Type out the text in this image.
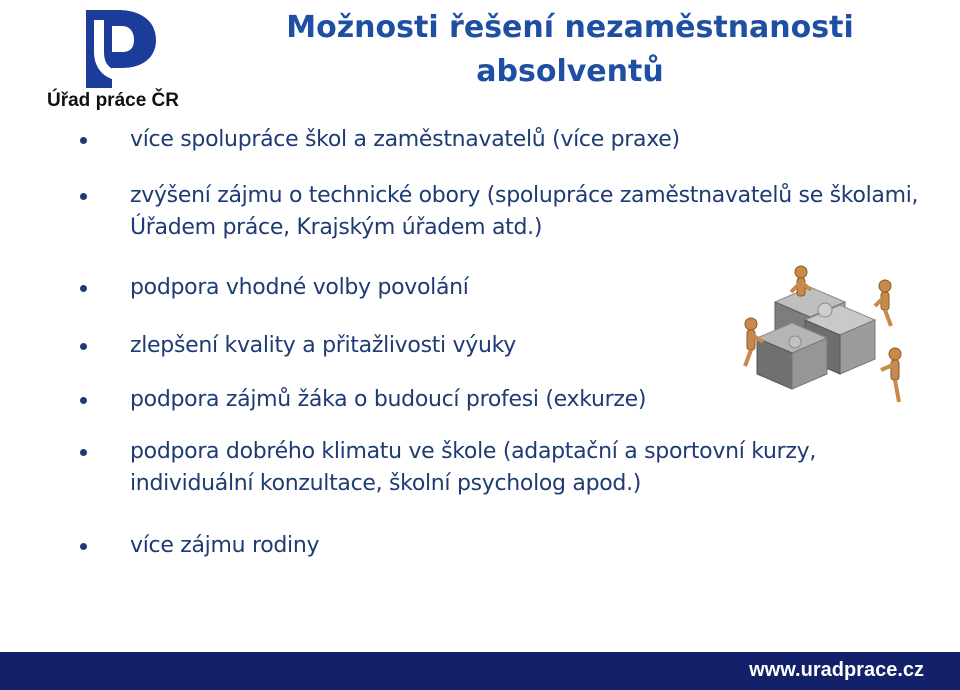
Úřad práce ČR
Možnosti řešení nezaměstnanosti absolventů
více spolupráce škol a zaměstnavatelů (více praxe)
zvýšení zájmu o technické obory (spolupráce zaměstnavatelů se školami, Úřadem práce, Krajským úřadem atd.)
podpora vhodné volby povolání
zlepšení kvality a přitažlivosti výuky
podpora zájmů žáka o budoucí profesi (exkurze)
podpora dobrého klimatu ve škole (adaptační a sportovní kurzy, individuální konzultace, školní psycholog apod.)
více zájmu rodiny
www.uradprace.cz
